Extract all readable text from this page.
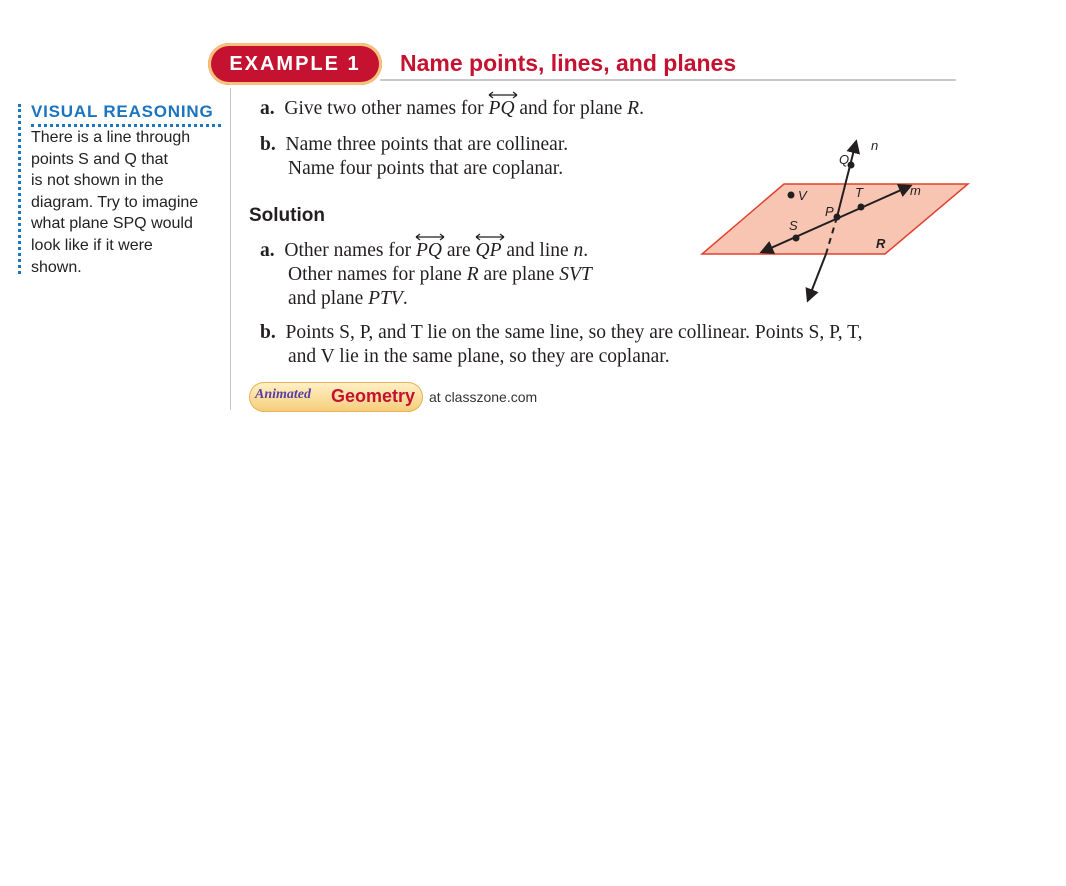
EXAMPLE 1	Name points, lines, and planes
VISUAL REASONING
There is a line through
points S and Q that
is not shown in the
diagram. Try to imagine
what plane SPQ would
look like if it were
shown.
a. Give two other names for
PQ and for plane R.
b. Name three points that are collinear.
Name four points that are coplanar.
Solution
a. Other names for
PQ are
QP and line n.
Other names for plane R are plane SVT
and plane PTV.
b. Points S, P, and T lie on the same line, so they are collinear. Points S, P, T,
and V lie in the same plane, so they are coplanar.
Q
n
V	T	m
P
S
R
Animated Geometry at classzone.com
